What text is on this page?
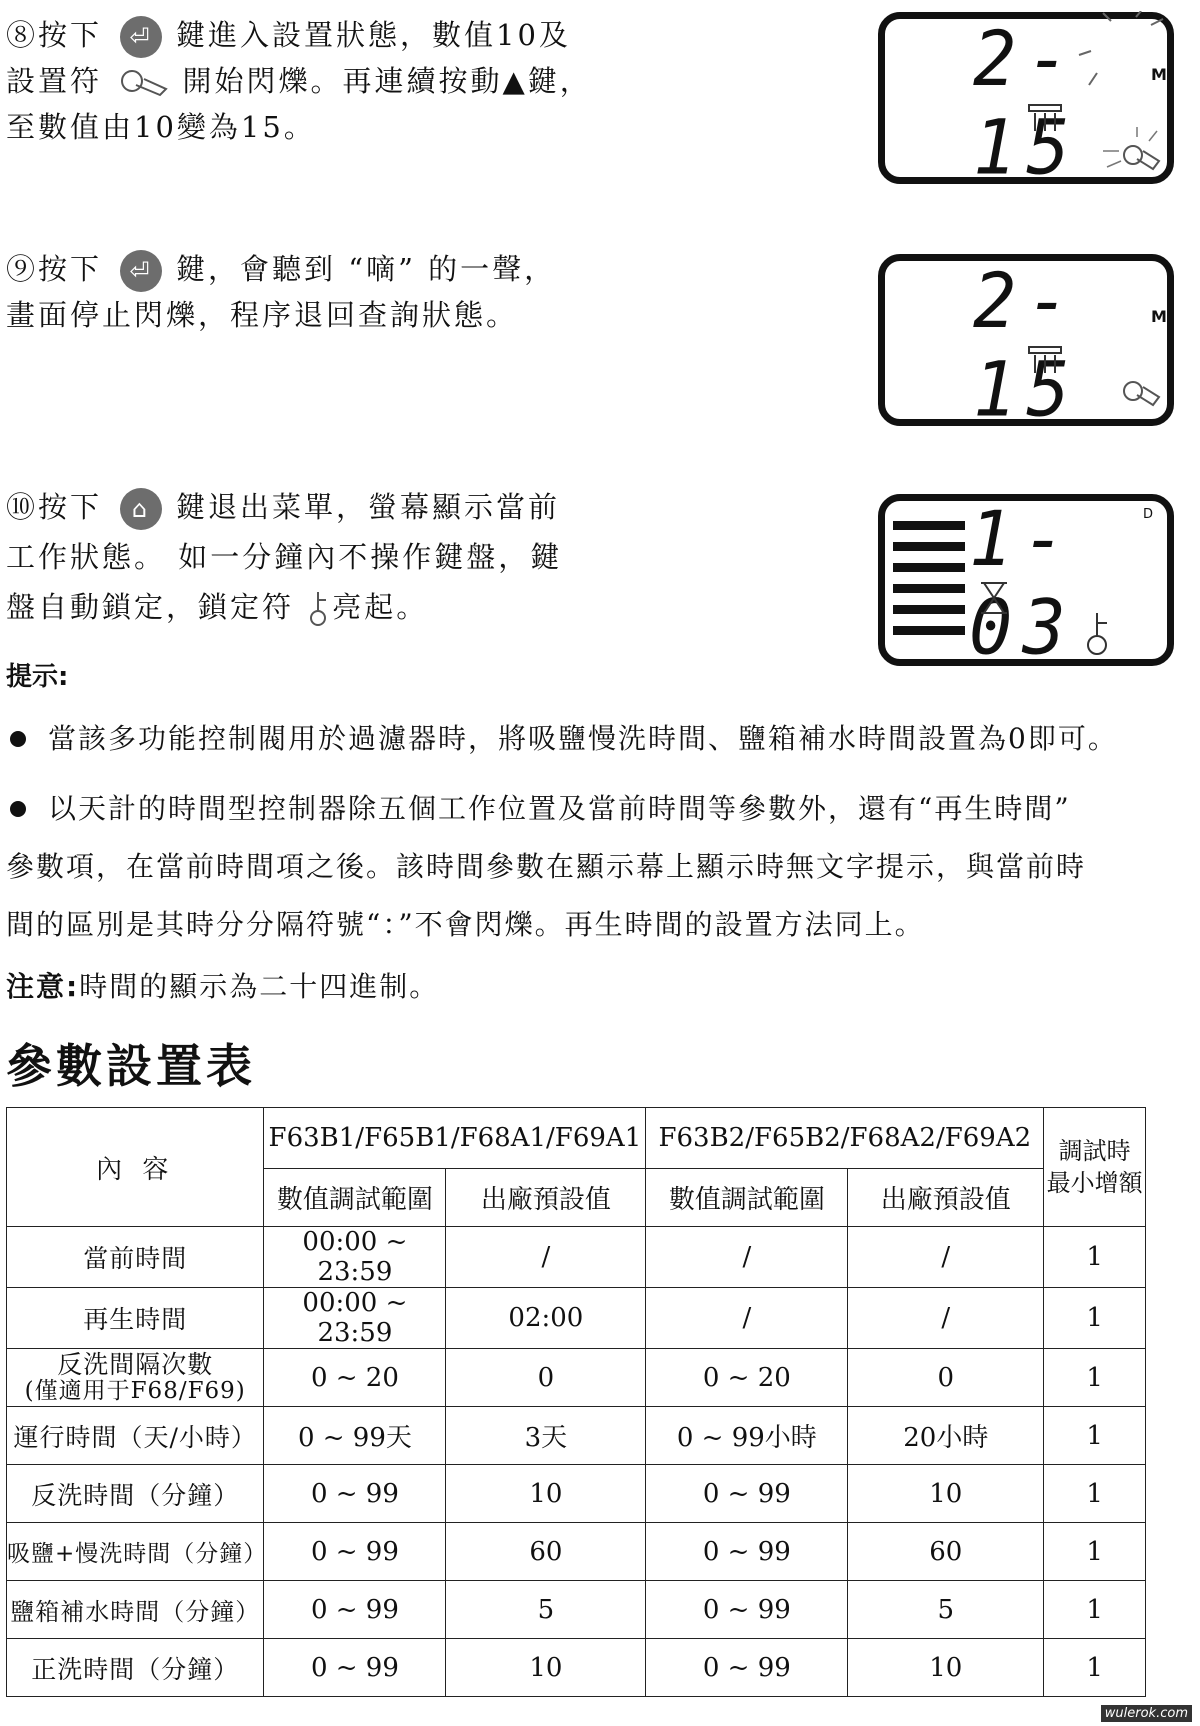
⑧按下 ⏎ 鍵進入設置狀態，數值10及
設置符	開始閃爍。再連續按動▲鍵，
至數值由10變為15。
⑨按下 ⏎ 鍵，會聽到 “嘀” 的一聲，
畫面停止閃爍，程序退回查詢狀態。
⑩按下 ⌂ 鍵退出菜單，螢幕顯示當前
工作狀態。 如一分鐘內不操作鍵盤，鍵
盤自動鎖定，鎖定符 亮起。
2-15
M
2-15
M
1-03
D
提示:
當該多功能控制閥用於過濾器時，將吸鹽慢洗時間、鹽箱補水時間設置為0即可。
以天計的時間型控制器除五個工作位置及當前時間等參數外，還有“再生時間”
參數項，在當前時間項之後。該時間參數在顯示幕上顯示時無文字提示，與當前時
間的區別是其時分分隔符號“：”不會閃爍。再生時間的設置方法同上。
注意:時間的顯示為二十四進制。
參數設置表
內 容	F63B1/F65B1/F68A1/F69A1		F63B2/F65B2/F68A2/F69A2		調試時
最小增額

	數值調試範圍	出廠預設值	數值調試範圍	出廠預設值	
當前時間	00:00 ~ 23:59	/	/	/	1
再生時間	00:00 ~ 23:59	02:00	/	/	1

反洗間隔次數
(僅適用于F68/F69)	0 ~ 20	0	0 ~ 20	0	1
運行時間（天/小時）	0 ~ 99天	3天	0 ~ 99小時	20小時	1
反洗時間（分鐘）	0 ~ 99	10	0 ~ 99	10	1
吸鹽+慢洗時間（分鐘）	0 ~ 99	60	0 ~ 99	60	1
鹽箱補水時間（分鐘）	0 ~ 99	5	0 ~ 99	5	1
正洗時間（分鐘）	0 ~ 99	10	0 ~ 99	10	1
wulerok.com
